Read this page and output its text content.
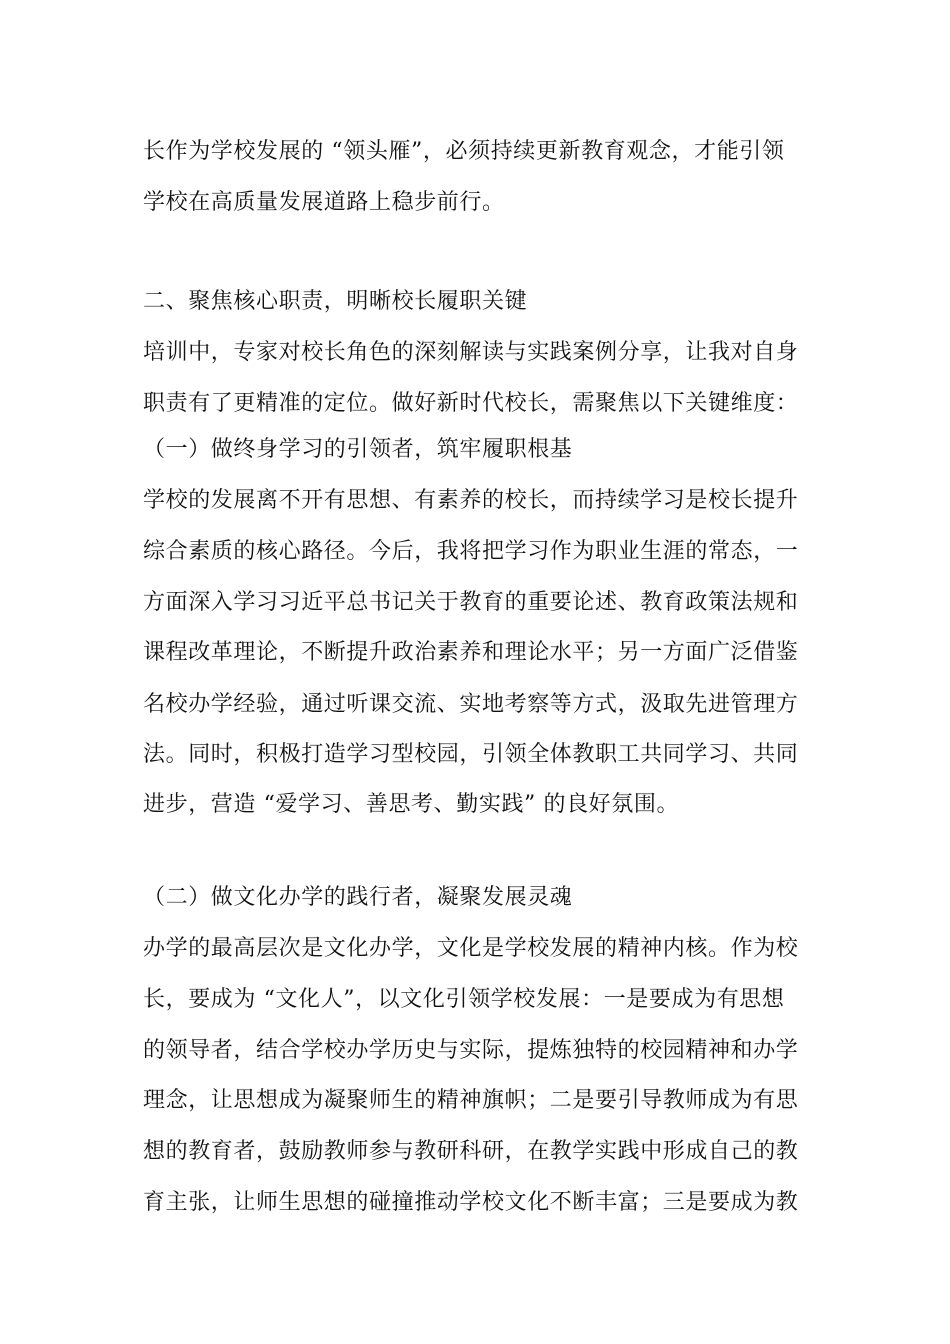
长作为学校发展的 “领头雁”，必须持续更新教育观念，才能引领
学校在高质量发展道路上稳步前行。
二、聚焦核心职责，明晰校长履职关键
培训中，专家对校长角色的深刻解读与实践案例分享，让我对自身
职责有了更精准的定位。做好新时代校长，需聚焦以下关键维度：
（一）做终身学习的引领者，筑牢履职根基
学校的发展离不开有思想、有素养的校长，而持续学习是校长提升
综合素质的核心路径。今后，我将把学习作为职业生涯的常态，一
方面深入学习习近平总书记关于教育的重要论述、教育政策法规和
课程改革理论，不断提升政治素养和理论水平；另一方面广泛借鉴
名校办学经验，通过听课交流、实地考察等方式，汲取先进管理方
法。同时，积极打造学习型校园，引领全体教职工共同学习、共同
进步，营造 “爱学习、善思考、勤实践” 的良好氛围。
（二）做文化办学的践行者，凝聚发展灵魂
办学的最高层次是文化办学，文化是学校发展的精神内核。作为校
长，要成为 “文化人”，以文化引领学校发展：一是要成为有思想
的领导者，结合学校办学历史与实际，提炼独特的校园精神和办学
理念，让思想成为凝聚师生的精神旗帜；二是要引导教师成为有思
想的教育者，鼓励教师参与教研科研，在教学实践中形成自己的教
育主张，让师生思想的碰撞推动学校文化不断丰富；三是要成为教
